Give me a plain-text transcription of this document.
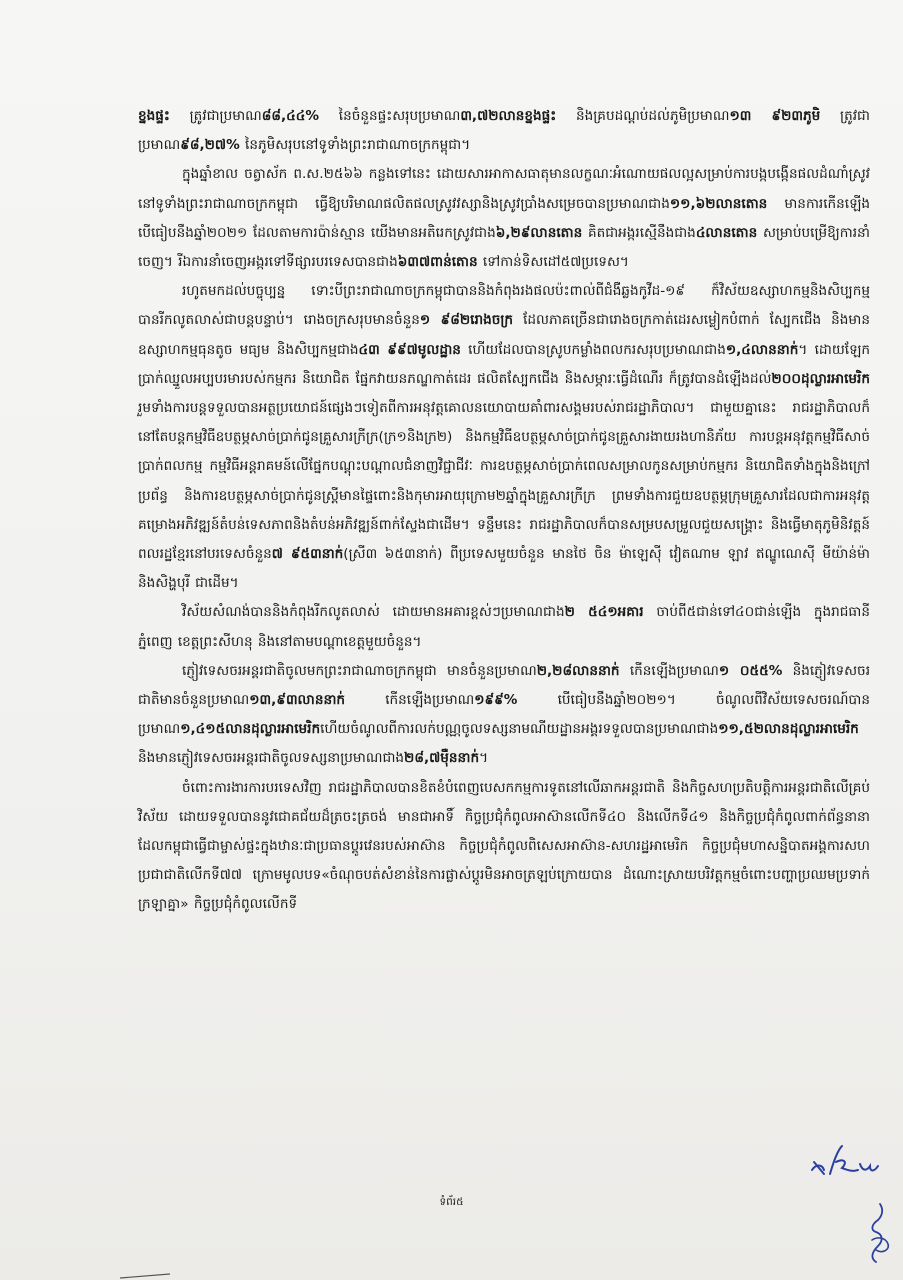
ខ្នងផ្ទះ ត្រូវជាប្រមាណ៨៨,៤៤% នៃចំនួនផ្ទះសរុបប្រមាណ៣,៧២លានខ្នងផ្ទះ និងគ្របដណ្តប់ដល់ភូមិប្រមាណ១៣ ៩២៣ភូមិ ត្រូវជាប្រមាណ៩៨,២៧% នៃភូមិសរុបនៅទូទាំងព្រះរាជាណាចក្រកម្ពុជា។

ក្នុងឆ្នាំខាល ចត្វាស័ក ព.ស.២៥៦៦ កន្លងទៅនេះ ដោយសារអាកាសធាតុមានលក្ខណៈអំណោយផលល្អសម្រាប់ការបង្កបង្កើនផលដំណាំស្រូវនៅទូទាំងព្រះរាជាណាចក្រកម្ពុជា ធ្វើឱ្យបរិមាណផលិតផលស្រូវវស្សានិងស្រូវប្រាំងសម្រេចបានប្រមាណជាង១១,៦២លានតោន មានការកើនឡើង បើធៀបនឹងឆ្នាំ២០២១ ដែលតាមការប៉ាន់ស្មាន យើងមានអតិរេកស្រូវជាង៦,២៩លានតោន គិតជាអង្ករស្មើនឹងជាង៤លានតោន សម្រាប់បម្រើឱ្យការនាំចេញ។ រីឯការនាំចេញអង្ករទៅទីផ្សារបរទេសបានជាង៦៣៧ពាន់តោន ទៅកាន់ទិសដៅ៥៧ប្រទេស។

រហូតមកដល់បច្ចុប្បន្ន ទោះបីព្រះរាជាណាចក្រកម្ពុជាបាននិងកំពុងរងផលប៉ះពាល់ពីជំងឺឆ្លងកូវីដ-១៩ ក៏វិស័យឧស្សាហកម្មនិងសិប្បកម្មបានរីកលូតលាស់ជាបន្តបន្ទាប់។ រោងចក្រសរុបមានចំនួន១ ៩៨២រោងចក្រ ដែលភាគច្រើនជារោងចក្រកាត់ដេរសម្លៀកបំពាក់ ស្បែកជើង និងមានឧស្សាហកម្មធុនតូច មធ្យម និងសិប្បកម្មជាង៤៣ ៩៩៧មូលដ្ឋាន ហើយដែលបានស្រូបកម្លាំងពលករសរុបប្រមាណជាង១,៤លាននាក់។ ដោយឡែកប្រាក់ឈ្នួលអប្បបរមារបស់កម្មករ និយោជិត ផ្នែកវាយនភណ្ឌកាត់ដេរ ផលិតស្បែកជើង និងសម្ភារៈធ្វើដំណើរ ក៏ត្រូវបានដំឡើងដល់២០០ដុល្លារអាមេរិក រួមទាំងការបន្តទទួលបានអត្ថប្រយោជន៍ផ្សេងៗទៀតពីការអនុវត្តគោលនយោបាយគាំពារសង្គមរបស់រាជរដ្ឋាភិបាល។ ជាមួយគ្នានេះ រាជរដ្ឋាភិបាលក៏នៅតែបន្តកម្មវិធីឧបត្ថម្ភសាច់ប្រាក់ជូនគ្រួសារក្រីក្រ(ក្រ១និងក្រ២) និងកម្មវិធីឧបត្ថម្ភសាច់ប្រាក់ជូនគ្រួសារងាយរងហានិភ័យ ការបន្តអនុវត្តកម្មវិធីសាច់ប្រាក់ពលកម្ម កម្មវិធីអន្តរាគមន៍លើផ្នែកបណ្តុះបណ្តាលជំនាញវិជ្ជាជីវៈ ការឧបត្ថម្ភសាច់ប្រាក់ពេលសម្រាលកូនសម្រាប់កម្មករ និយោជិតទាំងក្នុងនិងក្រៅប្រព័ន្ធ និងការឧបត្ថម្ភសាច់ប្រាក់ជូនស្ត្រីមានផ្ទៃពោះនិងកុមារអាយុក្រោម២ឆ្នាំក្នុងគ្រួសារក្រីក្រ ព្រមទាំងការជួយឧបត្ថម្ភក្រុមគ្រួសារដែលជាការអនុវត្តគម្រោងអភិវឌ្ឍន៍តំបន់ទេសភាពនិងតំបន់អភិវឌ្ឍន៍ពាក់ស្ទែងជាដើម។ ទន្ទឹមនេះ រាជរដ្ឋាភិបាលក៏បានសម្របសម្រួលជួយសង្គ្រោះ និងធ្វើមាតុភូមិនិវត្តន៍ពលរដ្ឋខ្មែរនៅបរទេសចំនួន៧ ៩៥៣នាក់(ស្រី៣ ៦៥៣នាក់) ពីប្រទេសមួយចំនួន មានថៃ ចិន ម៉ាឡេស៊ី វៀតណាម ឡាវ ឥណ្ឌូណេស៊ី មីយ៉ាន់ម៉ា និងសិង្ហបុរី ជាដើម។

វិស័យសំណង់បាននិងកំពុងរីកលូតលាស់ ដោយមានអគារខ្ពស់ៗប្រមាណជាង២ ៥៤១អគារ ចាប់ពី៥ជាន់ទៅ៤០ជាន់ឡើង ក្នុងរាជធានីភ្នំពេញ ខេត្តព្រះសីហនុ និងនៅតាមបណ្តាខេត្តមួយចំនួន។

ភ្ញៀវទេសចរអន្តរជាតិចូលមកព្រះរាជាណាចក្រកម្ពុជា មានចំនួនប្រមាណ២,២៨លាននាក់ កើនឡើងប្រមាណ១ ០៥៥% និងភ្ញៀវទេសចរជាតិមានចំនួនប្រមាណ១៣,៩៣លាននាក់ កើនឡើងប្រមាណ១៩៩% បើធៀបនឹងឆ្នាំ២០២១។ ចំណូលពីវិស័យទេសចរណ៍បានប្រមាណ១,៤១៥លានដុល្លារអាមេរិកហើយចំណូលពីការលក់បណ្ណចូលទស្សនាមណីយដ្ឋានអង្គរទទួលបានប្រមាណជាង១១,៥២លានដុល្លារអាមេរិក និងមានភ្ញៀវទេសចរអន្តរជាតិចូលទស្សនាប្រមាណជាង២៨,៧ម៉ឺននាក់។

ចំពោះការងារការបរទេសវិញ រាជរដ្ឋាភិបាលបានខិតខំបំពេញបេសកកម្មការទូតនៅលើឆាកអន្តរជាតិ និងកិច្ចសហប្រតិបត្តិការអន្តរជាតិលើគ្រប់វិស័យ ដោយទទួលបាននូវជោគជ័យដ៏ត្រចះត្រចង់ មានជាអាទិ៍ កិច្ចប្រជុំកំពូលអាស៊ានលើកទី៤០ និងលើកទី៤១ និងកិច្ចប្រជុំកំពូលពាក់ព័ន្ធនានា ដែលកម្ពុជាធ្វើជាម្ចាស់ផ្ទះក្នុងឋានៈជាប្រធានប្តូរវេនរបស់អាស៊ាន កិច្ចប្រជុំកំពូលពិសេសអាស៊ាន-សហរដ្ឋអាមេរិក កិច្ចប្រជុំមហាសន្និបាតអង្គការសហប្រជាជាតិលើកទី៧៧ ក្រោមមូលបទ«ចំណុចបត់សំខាន់នៃការផ្លាស់ប្តូរមិនអាចត្រឡប់ក្រោយបាន ដំណោះស្រាយបរិវត្តកម្មចំពោះបញ្ហាប្រឈមប្រទាក់ក្រឡាគ្នា» កិច្ចប្រជុំកំពូលលើកទី

ទំព័រ៥
